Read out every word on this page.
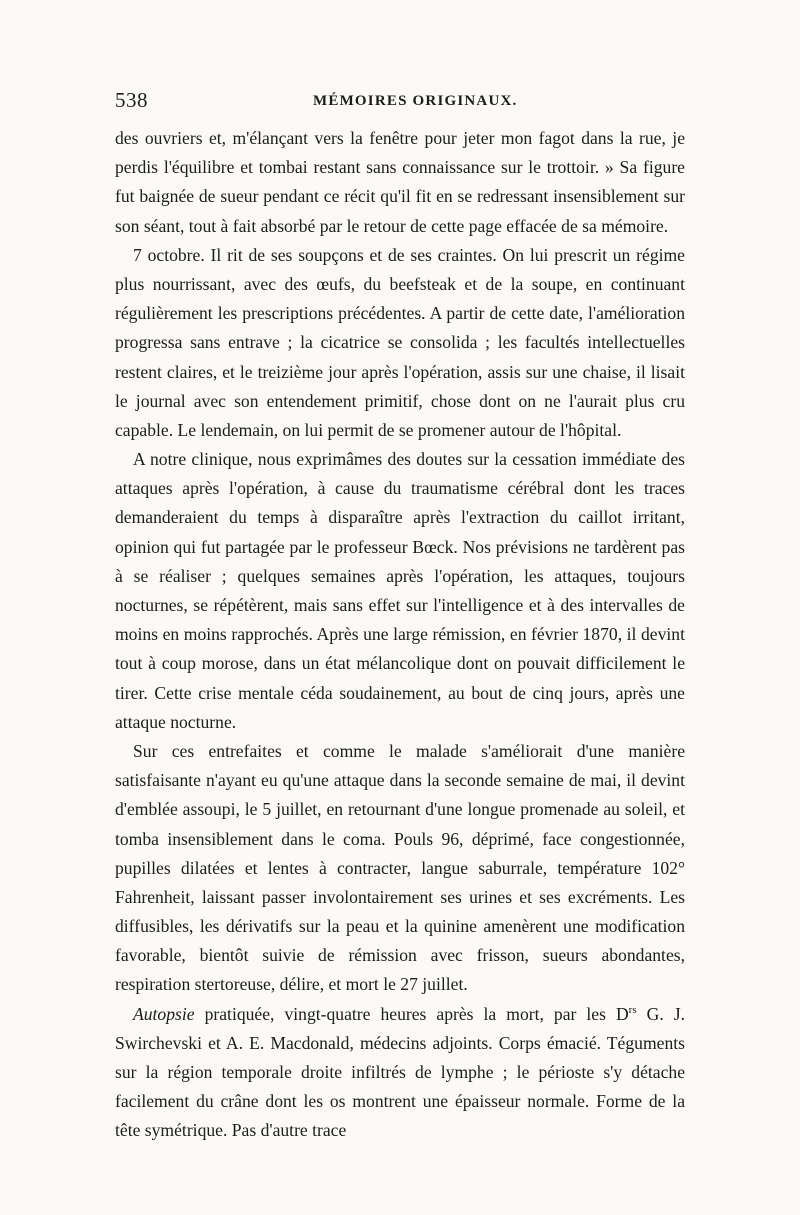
538	MÉMOIRES ORIGINAUX.

des ouvriers et, m'élançant vers la fenêtre pour jeter mon fagot dans la rue, je perdis l'équilibre et tombai restant sans connaissance sur le trottoir. » Sa figure fut baignée de sueur pendant ce récit qu'il fit en se redressant insensiblement sur son séant, tout à fait absorbé par le retour de cette page effacée de sa mémoire.

7 octobre. Il rit de ses soupçons et de ses craintes. On lui prescrit un régime plus nourrissant, avec des œufs, du beefsteak et de la soupe, en continuant régulièrement les prescriptions précédentes. A partir de cette date, l'amélioration progressa sans entrave ; la cicatrice se consolida ; les facultés intellectuelles restent claires, et le treizième jour après l'opération, assis sur une chaise, il lisait le journal avec son entendement primitif, chose dont on ne l'aurait plus cru capable. Le lendemain, on lui permit de se promener autour de l'hôpital.

A notre clinique, nous exprimâmes des doutes sur la cessation immédiate des attaques après l'opération, à cause du traumatisme cérébral dont les traces demanderaient du temps à disparaître après l'extraction du caillot irritant, opinion qui fut partagée par le professeur Bœck. Nos prévisions ne tardèrent pas à se réaliser ; quelques semaines après l'opération, les attaques, toujours nocturnes, se répétèrent, mais sans effet sur l'intelligence et à des intervalles de moins en moins rapprochés. Après une large rémission, en février 1870, il devint tout à coup morose, dans un état mélancolique dont on pouvait difficilement le tirer. Cette crise mentale céda soudainement, au bout de cinq jours, après une attaque nocturne.

Sur ces entrefaites et comme le malade s'améliorait d'une manière satisfaisante n'ayant eu qu'une attaque dans la seconde semaine de mai, il devint d'emblée assoupi, le 5 juillet, en retournant d'une longue promenade au soleil, et tomba insensiblement dans le coma. Pouls 96, déprimé, face congestionnée, pupilles dilatées et lentes à contracter, langue saburrale, température 102° Fahrenheit, laissant passer involontairement ses urines et ses excréments. Les diffusibles, les dérivatifs sur la peau et la quinine amenèrent une modification favorable, bientôt suivie de rémission avec frisson, sueurs abondantes, respiration stertoreuse, délire, et mort le 27 juillet.

Autopsie pratiquée, vingt-quatre heures après la mort, par les $D^{rs}$ G. J. Swirchevski et A. E. Macdonald, médecins adjoints. Corps émacié. Téguments sur la région temporale droite infiltrés de lymphe ; le périoste s'y détache facilement du crâne dont les os montrent une épaisseur normale. Forme de la tête symétrique. Pas d'autre trace
